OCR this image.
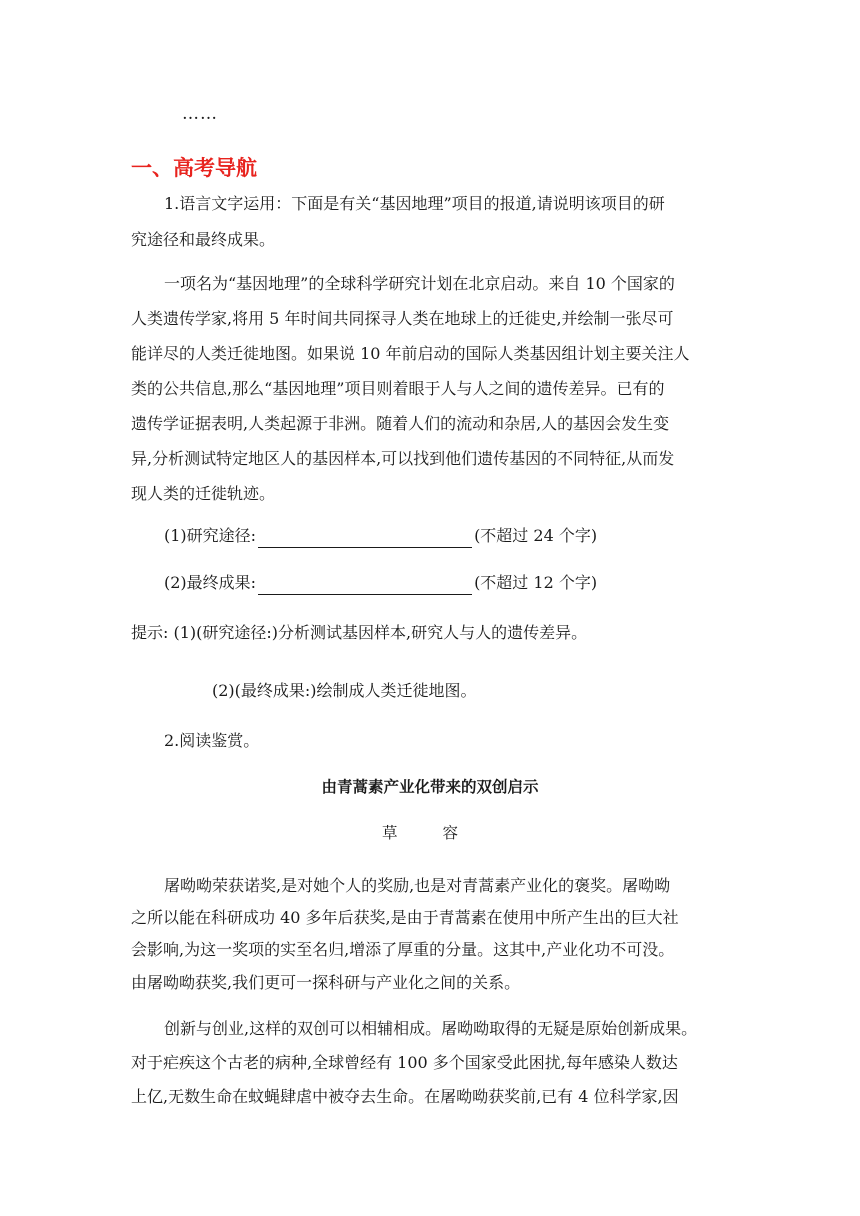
……
一、高考导航
1.语言文字运用：下面是有关“基因地理”项目的报道,请说明该项目的研
究途径和最终成果。
一项名为“基因地理”的全球科学研究计划在北京启动。来自 10 个国家的
人类遗传学家,将用 5 年时间共同探寻人类在地球上的迁徙史,并绘制一张尽可
能详尽的人类迁徙地图。如果说 10 年前启动的国际人类基因组计划主要关注人
类的公共信息,那么“基因地理”项目则着眼于人与人之间的遗传差异。已有的
遗传学证据表明,人类起源于非洲。随着人们的流动和杂居,人的基因会发生变
异,分析测试特定地区人的基因样本,可以找到他们遗传基因的不同特征,从而发
现人类的迁徙轨迹。
(1)研究途径:	(不超过 24 个字)
(2)最终成果:	(不超过 12 个字)
提示: (1)(研究途径:)分析测试基因样本,研究人与人的遗传差异。
(2)(最终成果:)绘制成人类迁徙地图。
2.阅读鉴赏。
由青蒿素产业化带来的双创启示
草 容
屠呦呦荣获诺奖,是对她个人的奖励,也是对青蒿素产业化的褒奖。屠呦呦
之所以能在科研成功 40 多年后获奖,是由于青蒿素在使用中所产生出的巨大社
会影响,为这一奖项的实至名归,增添了厚重的分量。这其中,产业化功不可没。
由屠呦呦获奖,我们更可一探科研与产业化之间的关系。
创新与创业,这样的双创可以相辅相成。屠呦呦取得的无疑是原始创新成果。
对于疟疾这个古老的病种,全球曾经有 100 多个国家受此困扰,每年感染人数达
上亿,无数生命在蚊蝇肆虐中被夺去生命。在屠呦呦获奖前,已有 4 位科学家,因
